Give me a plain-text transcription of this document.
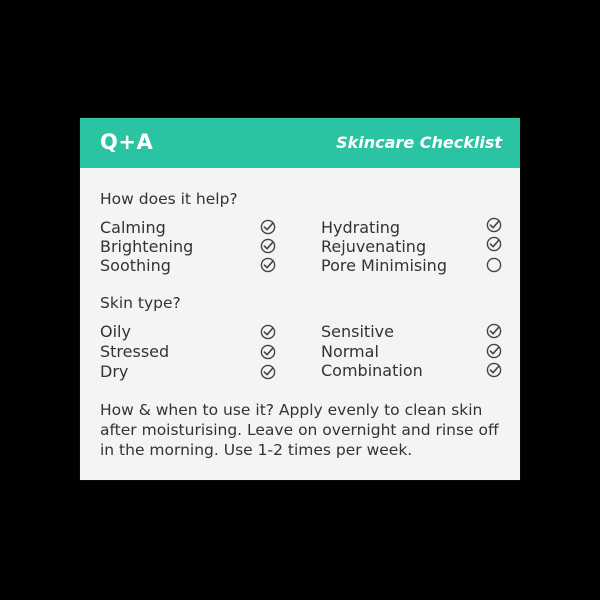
Q+A	Skincare Checklist
How does it help?
Calming
Brightening
Soothing
Hydrating
Rejuvenating
Pore Minimising
Skin type?
Oily
Stressed
Dry
Sensitive
Normal
Combination
How & when to use it? Apply evenly to clean skin after moisturising. Leave on overnight and rinse off in the morning. Use 1-2 times per week.
